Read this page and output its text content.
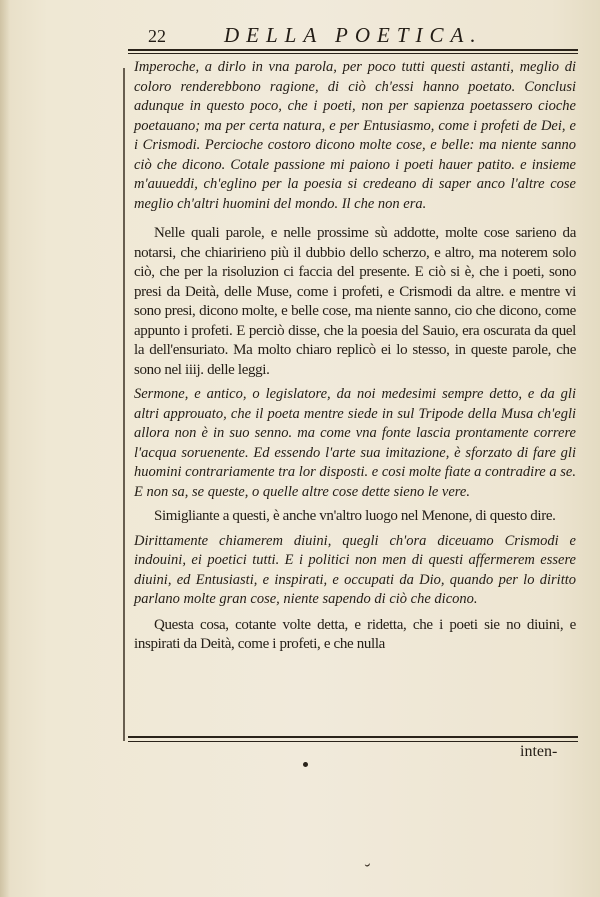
22	DELLA POETICA.

Imperoche, a dirlo in vna parola, per poco tutti questi astanti, meglio di coloro renderebbono ragione, di ciò ch'essi hanno poetato. Conclusi adunque in questo poco, che i poeti, non per sapienza poetassero cioche poetauano; ma per certa natura, e per Entusiasmo, come i profeti de Dei, e i Crismodi. Percioche costoro dicono molte cose, e belle: ma niente sanno ciò che dicono. Cotale passione mi paiono i poeti hauer patito. e insieme m'auueddi, ch'eglino per la poesia si credeano di saper anco l'altre cose meglio ch'altri huomini del mondo. Il che non era.

Nelle quali parole, e nelle prossime sù addotte, molte cose sarieno da notarsi, che chiaririeno più il dubbio dello scherzo, e altro, ma noterem solo ciò, che per la risoluzion ci faccia del presente. E ciò si è, che i poeti, sono presi da Deità, delle Muse, come i profeti, e Crismodi da altre. e mentre vi sono presi, dicono molte, e belle cose, ma niente sanno, cio che dicono, come appunto i profeti. E perciò disse, che la poesia del Sauio, era oscurata da quel la dell'ensuriato. Ma molto chiaro replicò ei lo stesso, in queste parole, che sono nel iiij. delle leggi.

Sermone, e antico, o legislatore, da noi medesimi sempre detto, e da gli altri approuato, che il poeta mentre siede in sul Tripode della Musa ch'egli allora non è in suo senno. ma come vna fonte lascia prontamente correre l'acqua soruenente. Ed essendo l'arte sua imitazione, è sforzato di fare gli huomini contrariamente tra lor disposti. e cosi molte fiate a contradire a se. E non sa, se queste, o quelle altre cose dette sieno le vere.

Simigliante a questi, è anche vn'altro luogo nel Menone, di questo dire.

Dirittamente chiamerem diuini, quegli ch'ora diceuamo Crismodi e indouini, ei poetici tutti. E i politici non men di questi affermerem essere diuini, ed Entusiasti, e inspirati, e occupati da Dio, quando per lo diritto parlano molte gran cose, niente sapendo di ciò che dicono.

Questa cosa, cotante volte detta, e ridetta, che i poeti sie no diuini, e inspirati da Deità, come i profeti, e che nulla

inten-
˘
